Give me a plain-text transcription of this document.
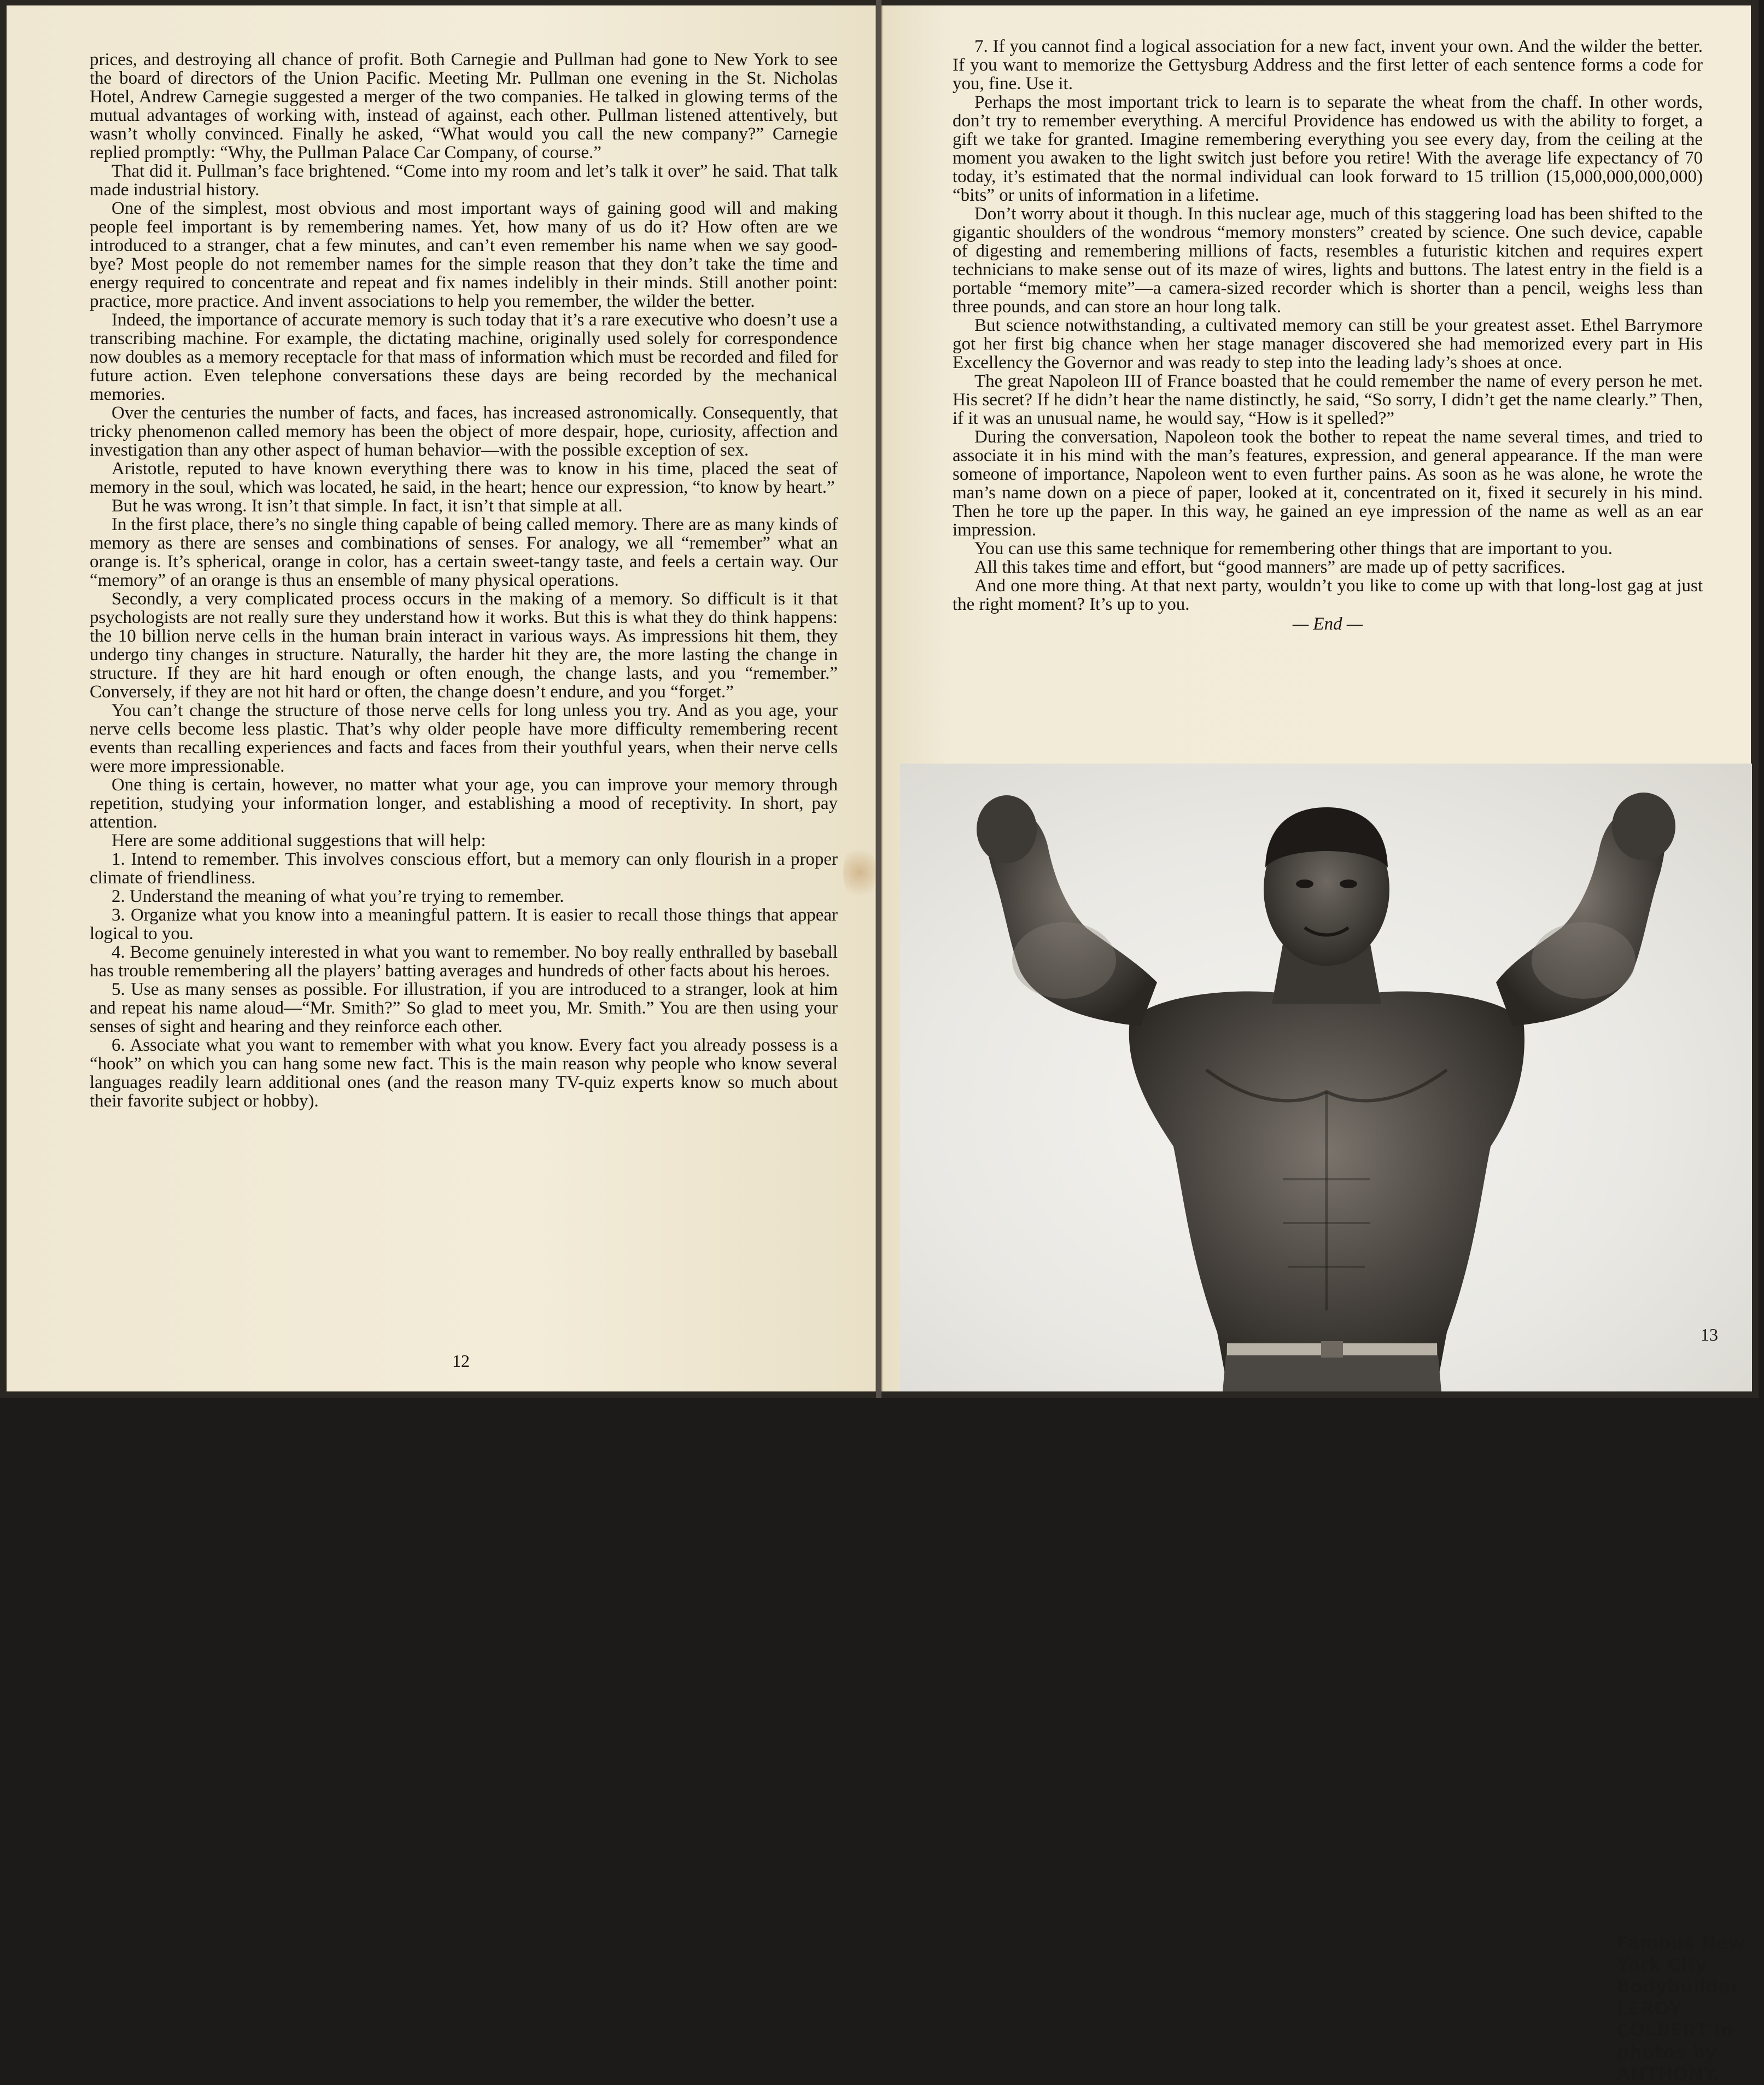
prices, and destroying all chance of profit. Both Carnegie and Pullman had gone to New York to see the board of directors of the Union Pacific. Meeting Mr. Pullman one evening in the St. Nicholas Hotel, Andrew Carnegie suggested a merger of the two companies. He talked in glowing terms of the mutual advantages of working with, instead of against, each other. Pullman listened attentively, but wasn’t wholly convinced. Finally he asked, “What would you call the new company?” Carnegie replied promptly: “Why, the Pullman Palace Car Company, of course.”

That did it. Pullman’s face brightened. “Come into my room and let’s talk it over” he said. That talk made industrial history.

One of the simplest, most obvious and most important ways of gaining good will and making people feel important is by remembering names. Yet, how many of us do it? How often are we introduced to a stranger, chat a few minutes, and can’t even remember his name when we say good-bye? Most people do not remember names for the simple reason that they don’t take the time and energy required to concentrate and repeat and fix names indelibly in their minds. Still another point: practice, more practice. And invent associations to help you remember, the wilder the better.

Indeed, the importance of accurate memory is such today that it’s a rare executive who doesn’t use a transcribing machine. For example, the dictating machine, originally used solely for correspondence now doubles as a memory receptacle for that mass of information which must be recorded and filed for future action. Even telephone conversations these days are being recorded by the mechanical memories.

Over the centuries the number of facts, and faces, has increased astronomically. Consequently, that tricky phenomenon called memory has been the object of more despair, hope, curiosity, affection and investigation than any other aspect of human behavior—with the possible exception of sex.

Aristotle, reputed to have known everything there was to know in his time, placed the seat of memory in the soul, which was located, he said, in the heart; hence our expression, “to know by heart.”

But he was wrong. It isn’t that simple. In fact, it isn’t that simple at all.

In the first place, there’s no single thing capable of being called memory. There are as many kinds of memory as there are senses and combinations of senses. For analogy, we all “remember” what an orange is. It’s spherical, orange in color, has a certain sweet-tangy taste, and feels a certain way. Our “memory” of an orange is thus an ensemble of many physical operations.

Secondly, a very complicated process occurs in the making of a memory. So difficult is it that psychologists are not really sure they understand how it works. But this is what they do think happens: the 10 billion nerve cells in the human brain interact in various ways. As impressions hit them, they undergo tiny changes in structure. Naturally, the harder hit they are, the more lasting the change in structure. If they are hit hard enough or often enough, the change lasts, and you “remember.” Conversely, if they are not hit hard or often, the change doesn’t endure, and you “forget.”

You can’t change the structure of those nerve cells for long unless you try. And as you age, your nerve cells become less plastic. That’s why older people have more difficulty remembering recent events than recalling experiences and facts and faces from their youthful years, when their nerve cells were more impressionable.

One thing is certain, however, no matter what your age, you can improve your memory through repetition, studying your information longer, and establishing a mood of receptivity. In short, pay attention.

Here are some additional suggestions that will help:

1. Intend to remember. This involves conscious effort, but a memory can only flourish in a proper climate of friendliness.

2. Understand the meaning of what you’re trying to remember.

3. Organize what you know into a meaningful pattern. It is easier to recall those things that appear logical to you.

4. Become genuinely interested in what you want to remember. No boy really enthralled by baseball has trouble remembering all the players’ batting averages and hundreds of other facts about his heroes.

5. Use as many senses as possible. For illustration, if you are introduced to a stranger, look at him and repeat his name aloud—“Mr. Smith?” So glad to meet you, Mr. Smith.” You are then using your senses of sight and hearing and they reinforce each other.

6. Associate what you want to remember with what you know. Every fact you already possess is a “hook” on which you can hang some new fact. This is the main reason why people who know several languages readily learn additional ones (and the reason many TV-quiz experts know so much about their favorite subject or hobby).

12

7. If you cannot find a logical association for a new fact, invent your own. And the wilder the better. If you want to memorize the Gettysburg Address and the first letter of each sentence forms a code for you, fine. Use it.

Perhaps the most important trick to learn is to separate the wheat from the chaff. In other words, don’t try to remember everything. A merciful Providence has endowed us with the ability to forget, a gift we take for granted. Imagine remembering everything you see every day, from the ceiling at the moment you awaken to the light switch just before you retire! With the average life expectancy of 70 today, it’s estimated that the normal individual can look forward to 15 trillion (15,000,000,000,000) “bits” or units of information in a lifetime.

Don’t worry about it though. In this nuclear age, much of this staggering load has been shifted to the gigantic shoulders of the wondrous “memory monsters” created by science. One such device, capable of digesting and remembering millions of facts, resembles a futuristic kitchen and requires expert technicians to make sense out of its maze of wires, lights and buttons. The latest entry in the field is a portable “memory mite”—a camera-sized recorder which is shorter than a pencil, weighs less than three pounds, and can store an hour long talk.

But science notwithstanding, a cultivated memory can still be your greatest asset. Ethel Barrymore got her first big chance when her stage manager discovered she had memorized every part in His Excellency the Governor and was ready to step into the leading lady’s shoes at once.

The great Napoleon III of France boasted that he could remember the name of every person he met. His secret? If he didn’t hear the name distinctly, he said, “So sorry, I didn’t get the name clearly.” Then, if it was an unusual name, he would say, “How is it spelled?”

During the conversation, Napoleon took the bother to repeat the name several times, and tried to associate it in his mind with the man’s features, expression, and general appearance. If the man were someone of importance, Napoleon went to even further pains. As soon as he was alone, he wrote the man’s name down on a piece of paper, looked at it, concentrated on it, fixed it securely in his mind. Then he tore up the paper. In this way, he gained an eye impression of the name as well as an ear impression.

You can use this same technique for remembering other things that are important to you.

All this takes time and effort, but “good manners” are made up of petty sacrifices.

And one more thing. At that next party, wouldn’t you like to come up with that long-lost gag at just the right moment? It’s up to you.

— End —

Famous New York City Bodybuilder LEROY COLBERT in photos by ANTHONY.
13
